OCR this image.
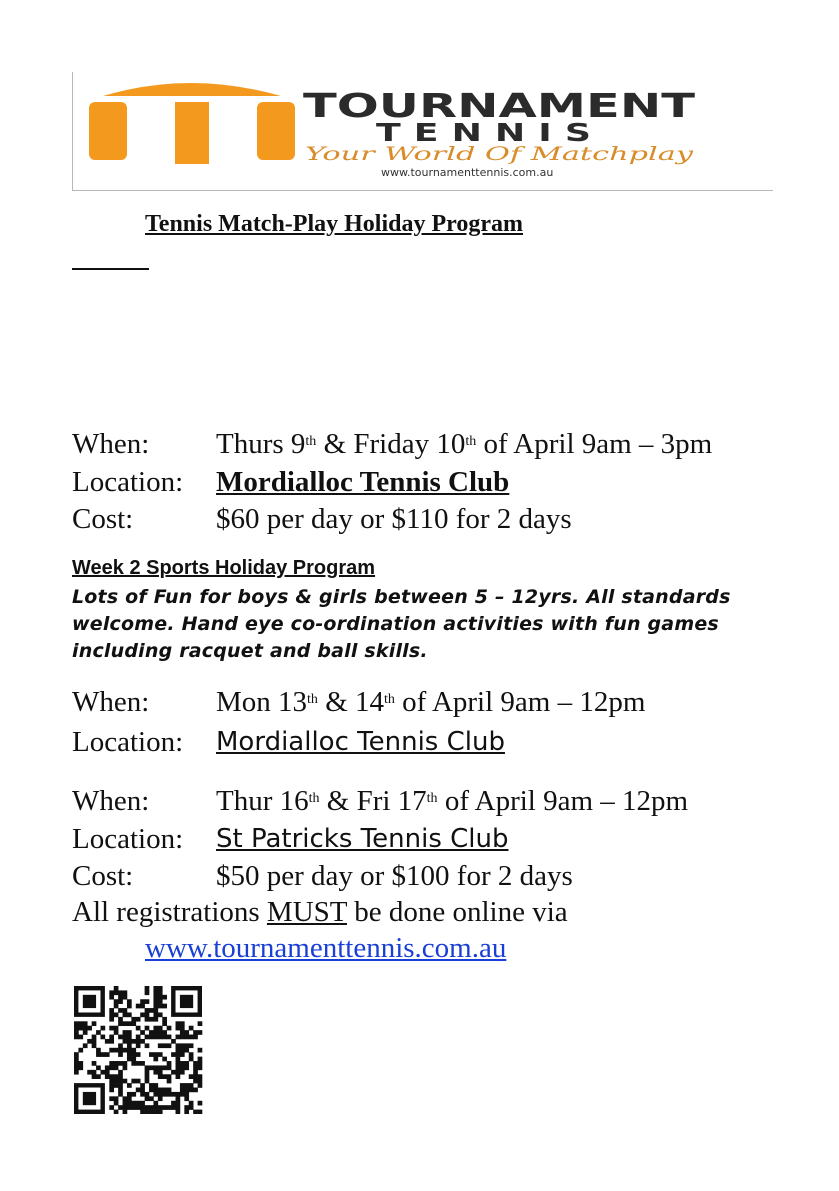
TOURNAMENT
TENNIS
Your World Of Matchplay
www.tournamenttennis.com.au
Tennis Match-Play Holiday Program
When: Thurs 9th & Friday 10th of April 9am – 3pm
Location: Mordialloc Tennis Club
Cost:	$60 per day or $110 for 2 days
Week 2 Sports Holiday Program
Lots of Fun for boys & girls between 5 – 12yrs. All standards welcome. Hand eye co-ordination activities with fun games including racquet and ball skills.
When: Mon 13th & 14th of April 9am – 12pm
Location: Mordialloc Tennis Club
When: Thur 16th & Fri 17th of April 9am – 12pm
Location: St Patricks Tennis Club
Cost:	$50 per day or $100 for 2 days
All registrations MUST be done online via
www.tournamenttennis.com.au
